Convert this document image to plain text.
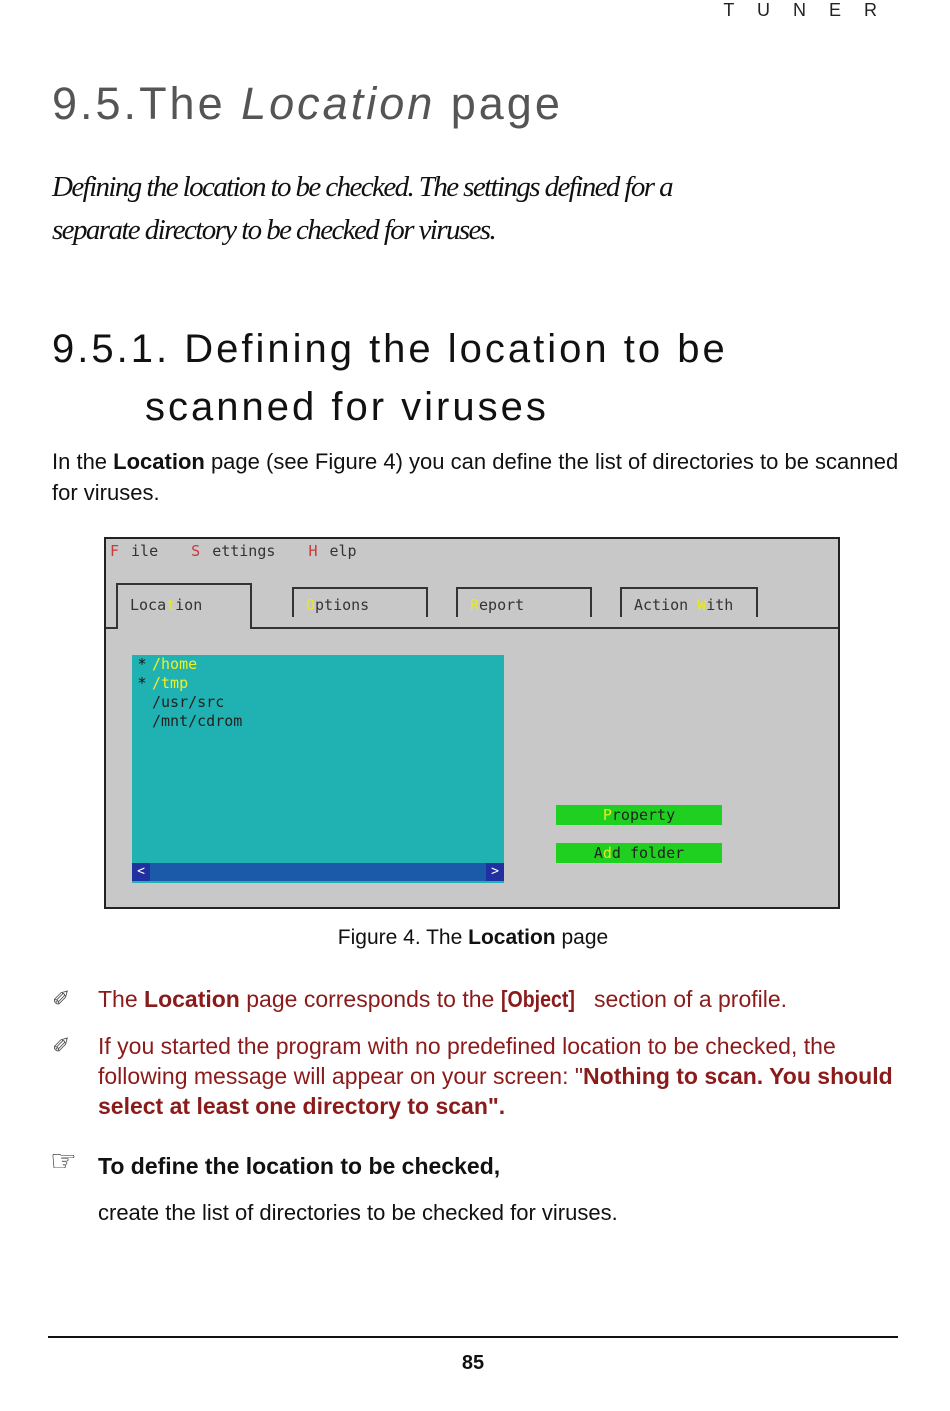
T U N E R
9.5.The Location page
Defining the location to be checked. The settings defined for a separate directory to be checked for viruses.
9.5.1. Defining the location to be
scanned for viruses
In the Location page (see Figure 4) you can define the list of directories to be scanned for viruses.
F ile S ettings H elp
Location	Options	Report	Action With
* /home
* /tmp
/usr/src
/mnt/cdrom
<	>
Property
Add folder
Figure 4. The Location page
✐ The Location page corresponds to the [Object] section of a profile.
✐ If you started the program with no predefined location to be checked, the following message will appear on your screen: "Nothing to scan. You should select at least one directory to scan".
☞ To define the location to be checked,
create the list of directories to be checked for viruses.
85
